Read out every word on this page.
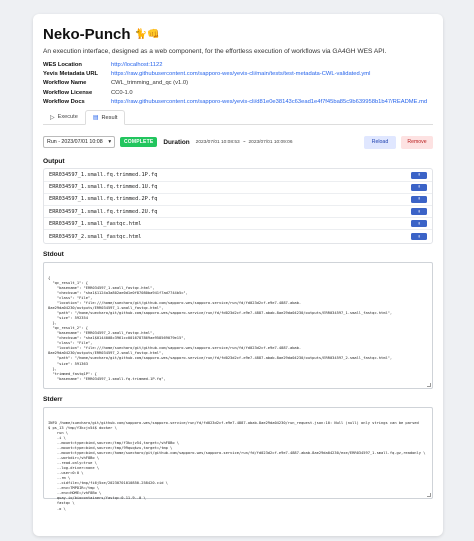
Neko-Punch 🐈👊
An execution interface, designed as a web component, for the effortless execution of workflows via GA4GH WES API.
WES Location	http://localhost:1122
Yevis Metadata URL	https://raw.githubusercontent.com/sapporo-wes/yevis-cli/main/tests/test-metadata-CWL-validated.yml
Workflow Name	CWL_trimming_and_qc (v1.0)
Workflow License	CC0-1.0
Workflow Docs	https://raw.githubusercontent.com/sapporo-wes/yevis-cli/d81e0e38143c63ead1e4f7f45ba85c9b639958b1b47/README.md
▷ Execute	▤ Result
Run - 2023/07/01 10:08 ▾	COMPLETE	Duration 2023/07/01 10:08:53 ~ 2023/07/01 10:09:06	Reload	Remove
Output
ERR034597_1.small.fq.trimmed.1P.fq	⬇
ERR034597_1.small.fq.trimmed.1U.fq	⬇
ERR034597_1.small.fq.trimmed.2P.fq	⬇
ERR034597_1.small.fq.trimmed.2U.fq	⬇
ERR034597_1.small_fastqc.html	⬇
ERR034597_2.small_fastqc.html	⬇
Stdout

{
"qc_result_1": {
"basename": "ERR034597_1.small_fastqc.html",
"checksum": "sha1$1124a3a802ae0d1e0f87080ba941f7ad7744b5c",
"class": "File",
"location": "file:///home/suecharo/git/github.com/sapporo-wes/sapporo-service/run/fd/fd023d2cf-e9e7-4887-abab-
8ae29da04230/outputs/ERR034597_1.small_fastqc.html",
"path": "/home/suecharo/git/github.com/sapporo-wes/sapporo-service/run/fd/fd023d2cf-e9e7-4887-abab-8ae29da04230/outputs/ERR034597_1.small_fastqc.html",
"size": 592354
},
"qc_result_2": {
"basename": "ERR034597_2.small_fastqc.html",
"checksum": "sha1$0144008c3961cc0016787869ae958569079e15",
"class": "File",
"location": "file:///home/suecharo/git/github.com/sapporo-wes/sapporo-service/run/fd/fd023d2cf-e9e7-4887-abab-
8ae29da04230/outputs/ERR034597_2.small_fastqc.html",
"path": "/home/suecharo/git/github.com/sapporo-wes/sapporo-service/run/fd/fd023d2cf-e9e7-4887-abab-8ae29da04230/outputs/ERR034597_2.small_fastqc.html",
"size": 591363
},
"trimmed_fastq1P": {
"basename": "ERR034597_1.small.fq.trimmed.1P.fq",

Stderr

INFO /home/suecharo/git/github.com/sapporo-wes/sapporo-service/run/fd/fd023d2cf-e9e7-4887-abab-8ae29da04230/run_request.json:10: Null (null) only strings can be parsed
$ ps_13 /tmp/f3kcjv54$ docker \
run \
-i \
--mount=type=bind,source=/tmp/f3kcjv54,target=/vhF8Bo \
--mount=type=bind,source=/tmp/99quqkzu,target=/tmp \
--mount=type=bind,source=/home/suecharo/git/github.com/sapporo-wes/sapporo-service/run/fd/fd023d2cf-e9e7-4887-abab-8ae29da04230/exe/ERR034597_1.small.fq.gz,readonly \
--workdir=/vhF8Bo \
--read-only=true \
--log-driver=none \
--user=0:0 \
--rm \
--cidfile=/tmp/fi6j5xe/20230701010850-258420.cid \
--env=TMPDIR=/tmp \
--env=HOME=/vhF8Bo \
quay.io/biocontainers/fastqc:0.11.9--0 \
fastqc \
-o \
